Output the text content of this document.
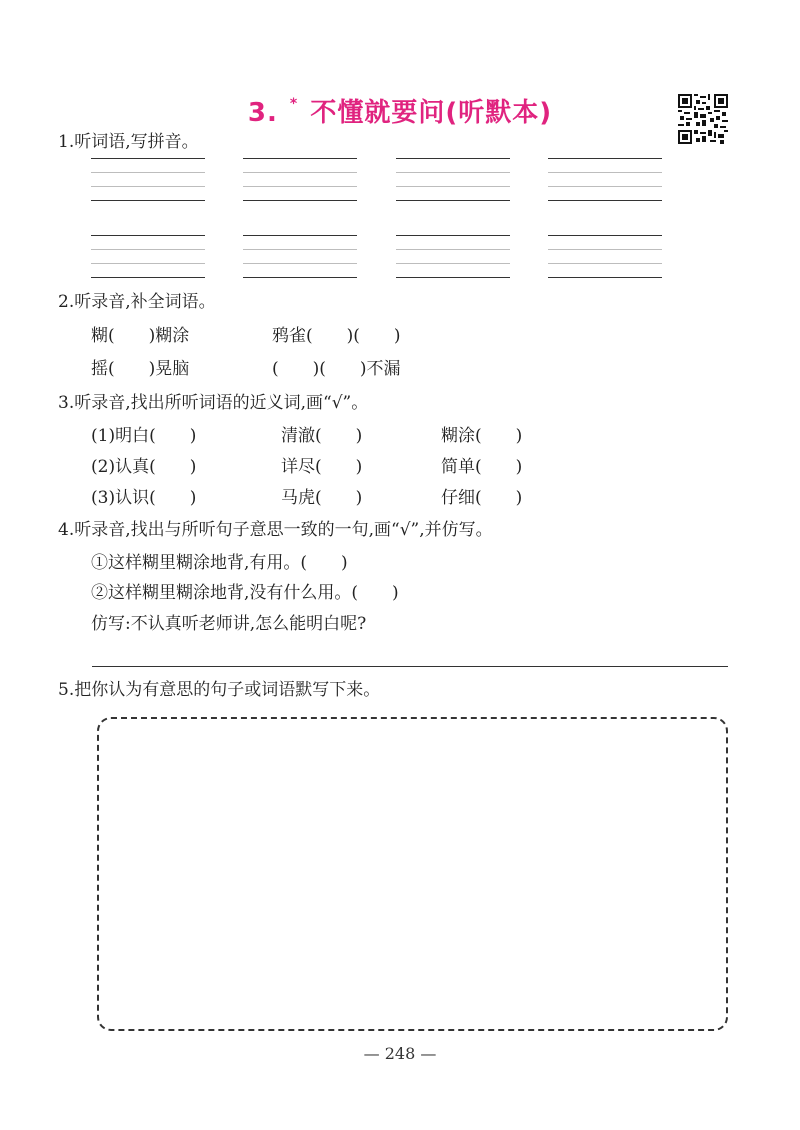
3. * 不懂就要问(听默本)
1.听词语,写拼音。
2.听录音,补全词语。
糊(　　)糊涂	鸦雀(　　)(　　)
摇(　　)晃脑	(　　)(　　)不漏
3.听录音,找出所听词语的近义词,画“√”。
(1)明白(　　)	清澈(　　)	糊涂(　　)
(2)认真(　　)	详尽(　　)	简单(　　)
(3)认识(　　)	马虎(　　)	仔细(　　)
4.听录音,找出与所听句子意思一致的一句,画“√”,并仿写。
①这样糊里糊涂地背,有用。(　　)
②这样糊里糊涂地背,没有什么用。(　　)
仿写:不认真听老师讲,怎么能明白呢?
5.把你认为有意思的句子或词语默写下来。
— 248 —
